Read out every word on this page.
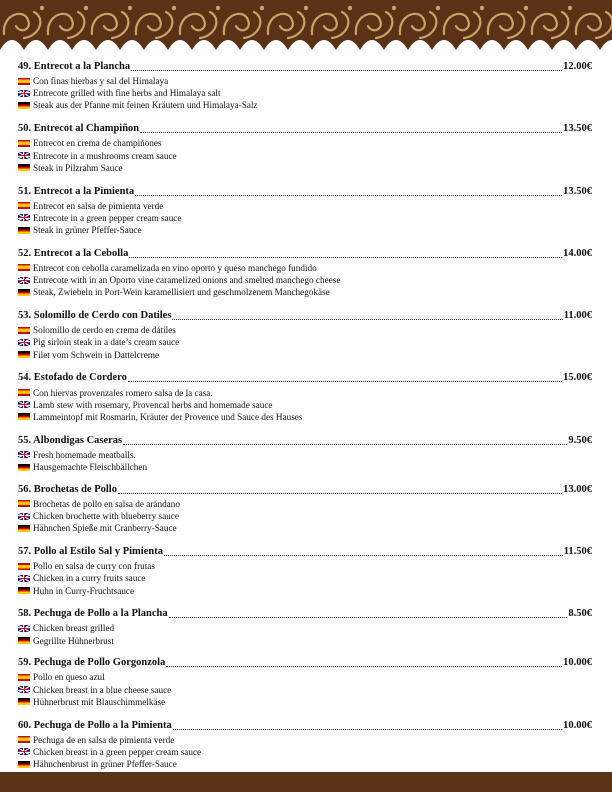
49. Entrecot a la Plancha	12.00€
Con finas hierbas y sal del Himalaya
Entrecote grilled with fine herbs and Himalaya salt
Steak aus der Pfanne mit feinen Kräutern und Himalaya-Salz
50. Entrecot al Champiñon	13.50€
Entrecot en crema de champiñones
Entrecote in a mushrooms cream sauce
Steak in Pilzrahm Sauce
51. Entrecot a la Pimienta	13.50€
Entrecot en salsa de pimienta verde
Entrecote in a green pepper cream sauce
Steak in grüner Pfeffer-Sauce
52. Entrecot a la Cebolla	14.00€
Entrecot con cebolla caramelizada en vino oporto y queso manchego fundido
Entrecote with in an Oporto vine caramelized onions and smelted manchego cheese
Steak, Zwiebeln in Port-Wein karamellisiert und geschmolzenem Manchegokäse
53. Solomillo de Cerdo con Datiles	11.00€
Solomillo de cerdo en crema de dátiles
Pig sirloin steak in a date’s cream sauce
Filet vom Schwein in Dattelcreme
54. Estofado de Cordero	15.00€
Con hiervas provenzales romero salsa de la casa.
Lamb stew with rosemary, Provencal herbs and homemade sauce
Lammeintopf mit Rosmarin, Kräuter der Provence und Sauce des Hauses
55. Albondigas Caseras	9.50€
Fresh homemade meatballs.
Hausgemachte Fleischbällchen
56. Brochetas de Pollo	13.00€
Brochetas de pollo en salsa de arándano
Chicken brochette with blueberry sauce
Hähnchen Spieße mit Cranberry-Sauce
57. Pollo al Estilo Sal y Pimienta	11.50€
Pollo en salsa de curry con frutas
Chicken in a curry fruits sauce
Huhn in Curry-Fruchtsauce
58. Pechuga de Pollo a la Plancha	8.50€
Chicken breast grilled
Gegrillte Hühnerbrust
59. Pechuga de Pollo Gorgonzola	10.00€
Pollo en queso azul
Chicken breast in a blue cheese sauce
Hühnerbrust mit Blauschimmelkäse
60. Pechuga de Pollo a la Pimienta	10.00€
Pechuga de en salsa de pimienta verde
Chicken breast in a green pepper cream sauce
Hähnchenbrust in grüner Pfeffer-Sauce
